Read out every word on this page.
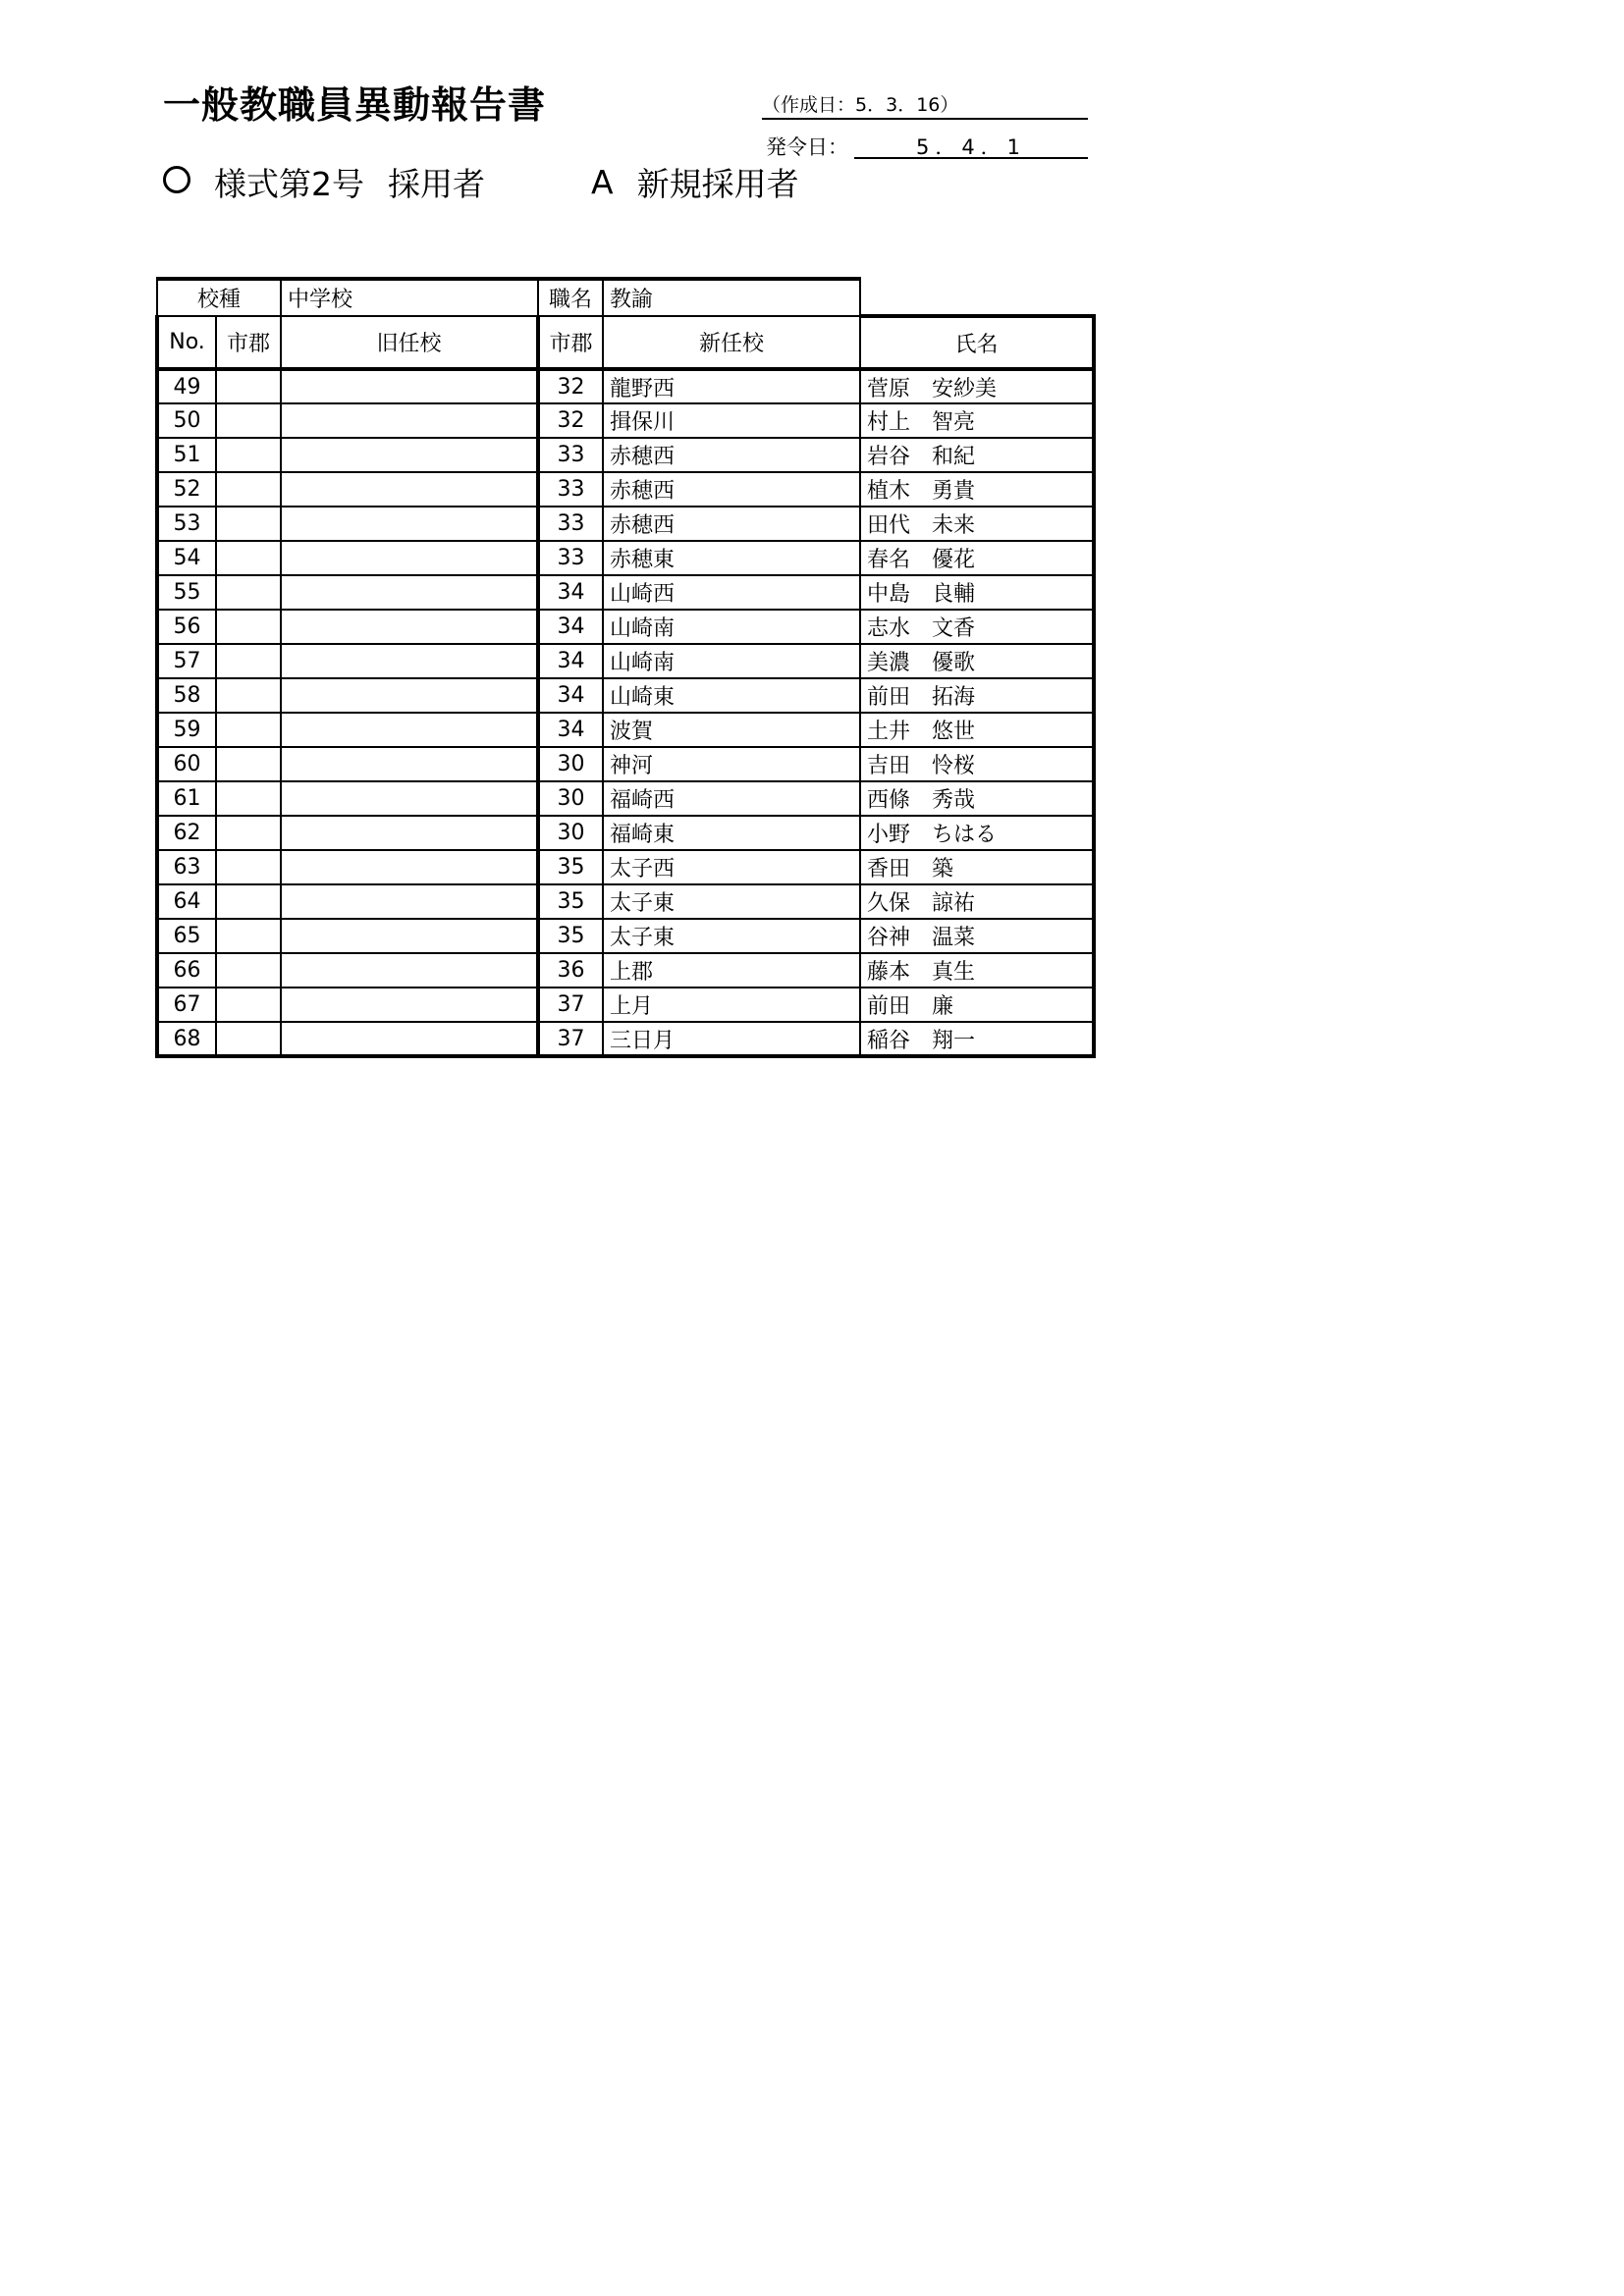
一般教職員異動報告書	（作成日：5．3．16）
発令日：	5．4．1
様式第2号 採用者	A 新規採用者
校種		中学校	職名	教諭	
No.	市郡	旧任校	市郡	新任校	氏名
49			32	龍野西	菅原　安紗美
50			32	揖保川	村上　智亮
51			33	赤穂西	岩谷　和紀
52			33	赤穂西	植木　勇貴
53			33	赤穂西	田代　未来
54			33	赤穂東	春名　優花
55			34	山崎西	中島　良輔
56			34	山崎南	志水　文香
57			34	山崎南	美濃　優歌
58			34	山崎東	前田　拓海
59			34	波賀	土井　悠世
60			30	神河	吉田　怜桜
61			30	福崎西	西條　秀哉
62			30	福崎東	小野　ちはる
63			35	太子西	香田　築
64			35	太子東	久保　諒祐
65			35	太子東	谷神　温菜
66			36	上郡	藤本　真生
67			37	上月	前田　廉
68			37	三日月	稲谷　翔一
